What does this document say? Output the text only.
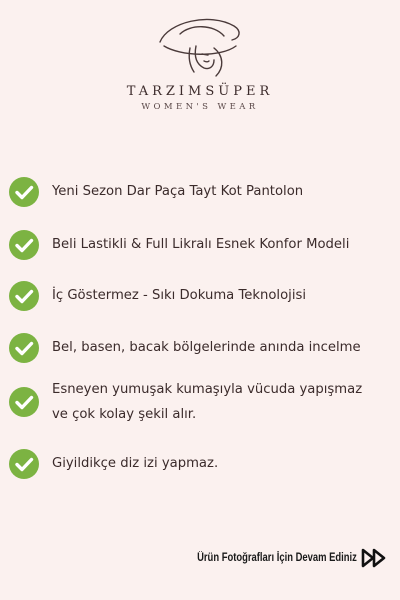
TARZIMSÜPER
WOMEN'S WEAR
Yeni Sezon Dar Paça Tayt Kot Pantolon
Beli Lastikli & Full Likralı Esnek Konfor Modeli
İç Göstermez - Sıkı Dokuma Teknolojisi
Bel, basen, bacak bölgelerinde anında incelme
Esneyen yumuşak kumaşıyla vücuda yapışmaz
ve çok kolay şekil alır.
Giyildikçe diz izi yapmaz.
Ürün Fotoğrafları İçin Devam Ediniz
